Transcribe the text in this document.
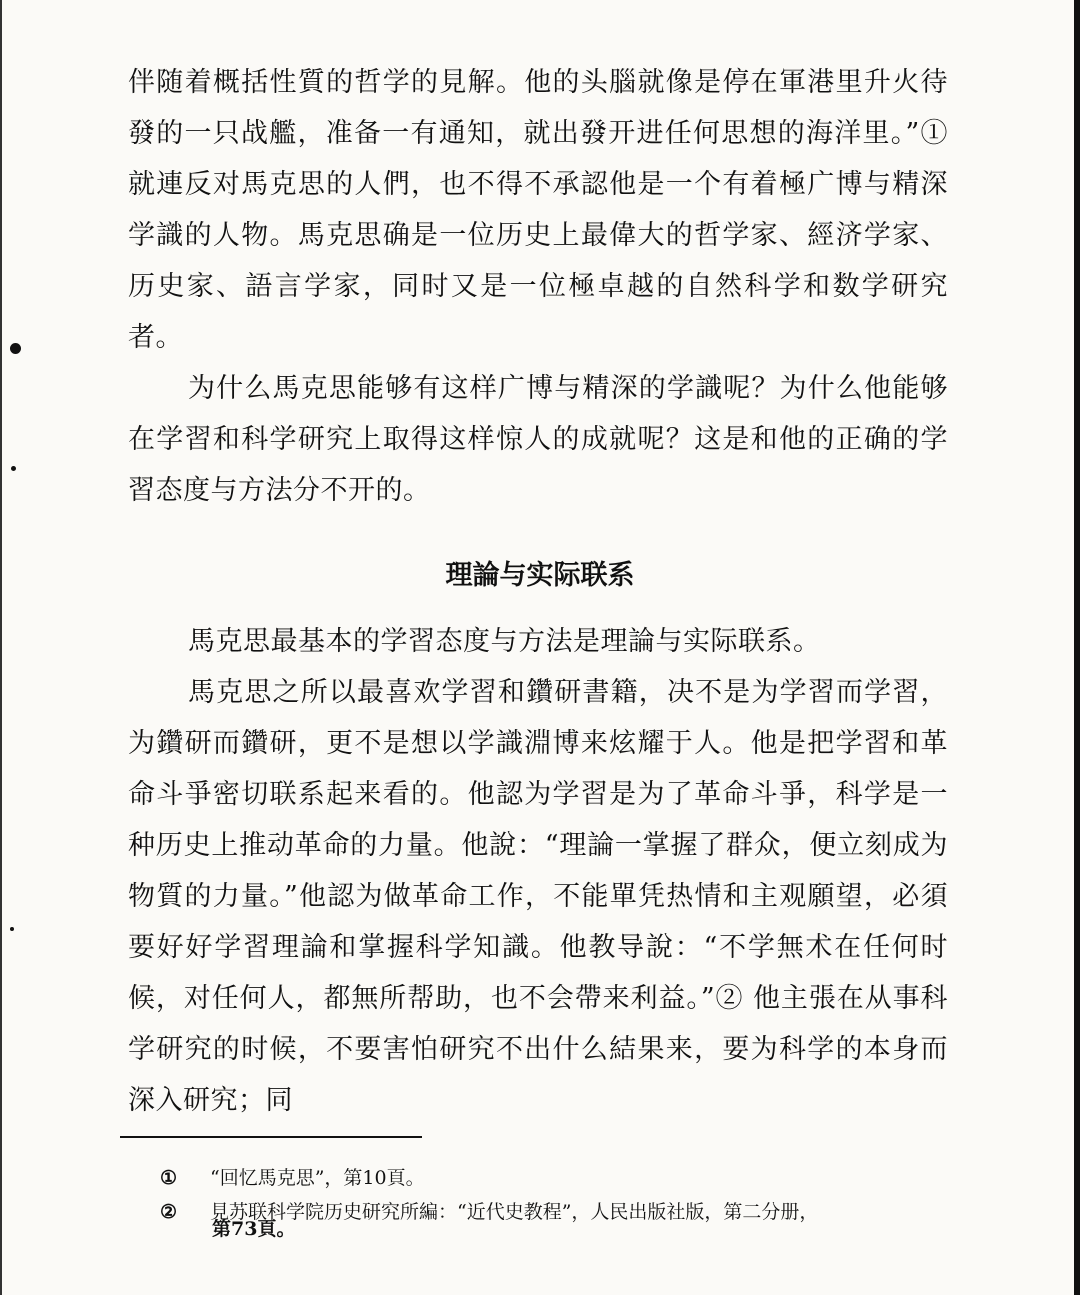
伴随着概括性質的哲学的見解。他的头腦就像是停在軍港里升火待發的一只战艦，准备一有通知，就出發开进任何思想的海洋里。”① 就連反对馬克思的人們，也不得不承認他是一个有着極广博与精深学識的人物。馬克思确是一位历史上最偉大的哲学家、經济学家、历史家、語言学家，同时又是一位極卓越的自然科学和数学研究者。

为什么馬克思能够有这样广博与精深的学識呢？为什么他能够在学習和科学研究上取得这样惊人的成就呢？这是和他的正确的学習态度与方法分不开的。

理論与实际联系

馬克思最基本的学習态度与方法是理論与实际联系。

馬克思之所以最喜欢学習和鑽研書籍，决不是为学習而学習，为鑽研而鑽研，更不是想以学識淵博来炫耀于人。他是把学習和革命斗爭密切联系起来看的。他認为学習是为了革命斗爭，科学是一种历史上推动革命的力量。他說：“理論一掌握了群众，便立刻成为物質的力量。”他認为做革命工作，不能單凭热情和主观願望，必須要好好学習理論和掌握科学知識。他教导說：“不学無术在任何时候，对任何人，都無所帮助，也不会帶来利益。”② 他主張在从事科学研究的时候，不要害怕研究不出什么結果来，要为科学的本身而深入研究；同

① “回忆馬克思”，第10頁。
② 見苏联科学院历史研究所編：“近代史教程”，人民出版社版，第二分册，
第73頁。
